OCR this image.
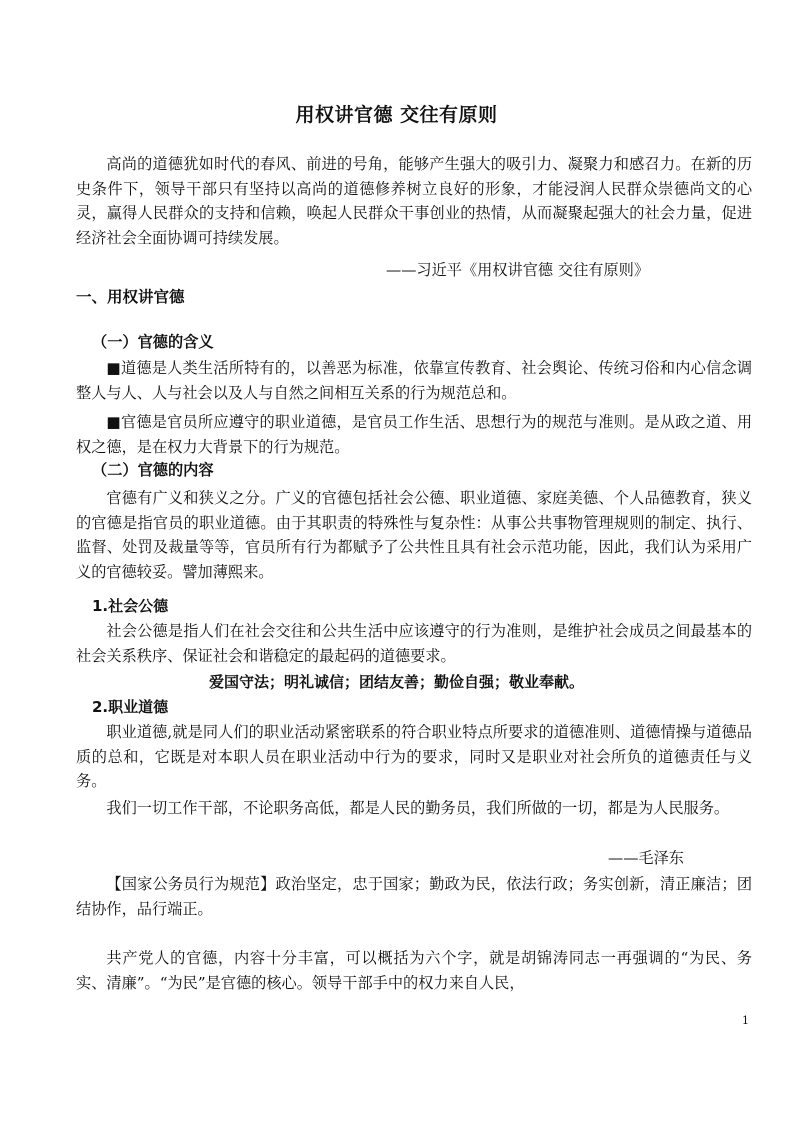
用权讲官德 交往有原则
高尚的道德犹如时代的春风、前进的号角，能够产生强大的吸引力、凝聚力和感召力。在新的历史条件下，领导干部只有坚持以高尚的道德修养树立良好的形象，才能浸润人民群众崇德尚文的心灵，赢得人民群众的支持和信赖，唤起人民群众干事创业的热情，从而凝聚起强大的社会力量，促进经济社会全面协调可持续发展。
——习近平《用权讲官德 交往有原则》
一、用权讲官德
（一）官德的含义
■道德是人类生活所特有的，以善恶为标准，依靠宣传教育、社会舆论、传统习俗和内心信念调整人与人、人与社会以及人与自然之间相互关系的行为规范总和。
■官德是官员所应遵守的职业道德，是官员工作生活、思想行为的规范与准则。是从政之道、用权之德，是在权力大背景下的行为规范。
（二）官德的内容
官德有广义和狭义之分。广义的官德包括社会公德、职业道德、家庭美德、个人品德教育，狭义的官德是指官员的职业道德。由于其职责的特殊性与复杂性：从事公共事物管理规则的制定、执行、监督、处罚及裁量等等，官员所有行为都赋予了公共性且具有社会示范功能，因此，我们认为采用广义的官德较妥。譬加薄熙来。
1.社会公德
社会公德是指人们在社会交往和公共生活中应该遵守的行为准则，是维护社会成员之间最基本的社会关系秩序、保证社会和谐稳定的最起码的道德要求。
爱国守法；明礼诚信；团结友善；勤俭自强；敬业奉献。
2.职业道德
职业道德,就是同人们的职业活动紧密联系的符合职业特点所要求的道德准则、道德情操与道德品质的总和，它既是对本职人员在职业活动中行为的要求，同时又是职业对社会所负的道德责任与义务。
我们一切工作干部，不论职务高低，都是人民的勤务员，我们所做的一切，都是为人民服务。
——毛泽东
【国家公务员行为规范】政治坚定，忠于国家；勤政为民，依法行政；务实创新，清正廉洁；团结协作，品行端正。
共产党人的官德，内容十分丰富，可以概括为六个字，就是胡锦涛同志一再强调的“为民、务实、清廉”。“为民”是官德的核心。领导干部手中的权力来自人民，
1
